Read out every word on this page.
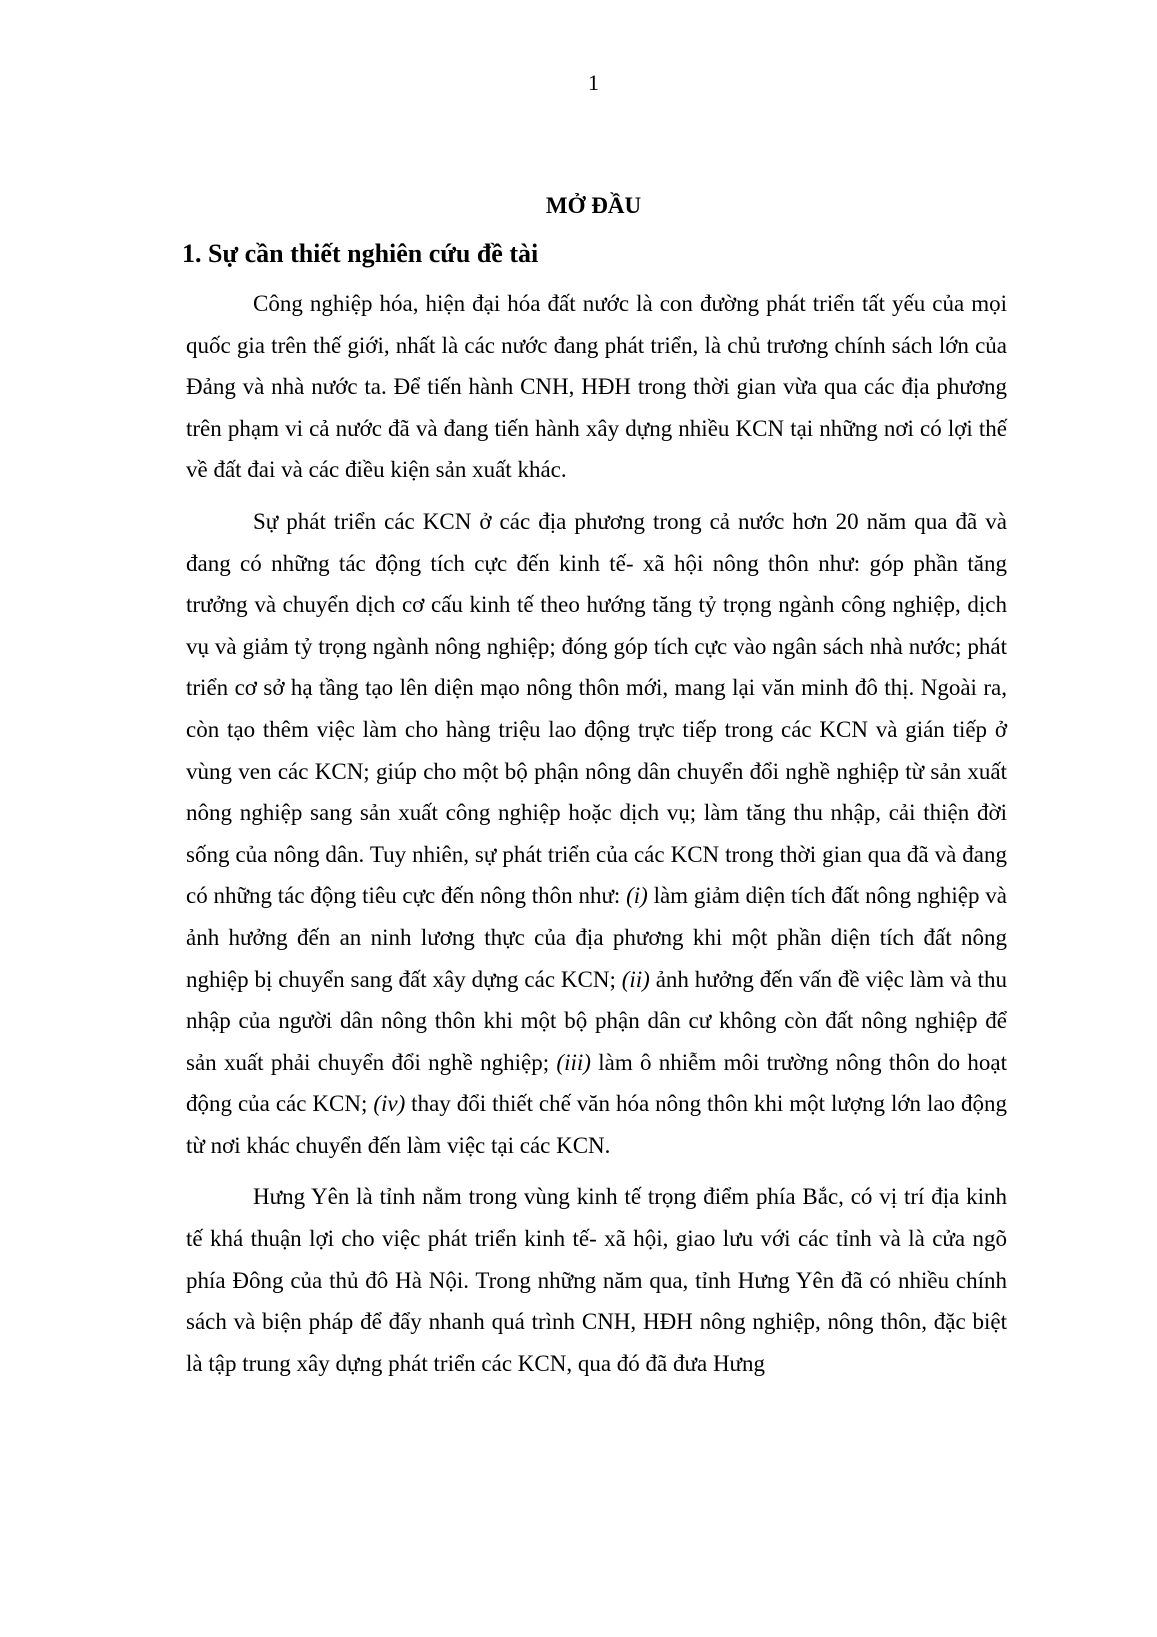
1
MỞ ĐẦU
1. Sự cần thiết nghiên cứu đề tài

Công nghiệp hóa, hiện đại hóa đất nước là con đường phát triển tất yếu của mọi quốc gia trên thế giới, nhất là các nước đang phát triển, là chủ trương chính sách lớn của Đảng và nhà nước ta. Để tiến hành CNH, HĐH trong thời gian vừa qua các địa phương trên phạm vi cả nước đã và đang tiến hành xây dựng nhiều KCN tại những nơi có lợi thế về đất đai và các điều kiện sản xuất khác.

Sự phát triển các KCN ở các địa phương trong cả nước hơn 20 năm qua đã và đang có những tác động tích cực đến kinh tế- xã hội nông thôn như: góp phần tăng trưởng và chuyển dịch cơ cấu kinh tế theo hướng tăng tỷ trọng ngành công nghiệp, dịch vụ và giảm tỷ trọng ngành nông nghiệp; đóng góp tích cực vào ngân sách nhà nước; phát triển cơ sở hạ tầng tạo lên diện mạo nông thôn mới, mang lại văn minh đô thị. Ngoài ra, còn tạo thêm việc làm cho hàng triệu lao động trực tiếp trong các KCN và gián tiếp ở vùng ven các KCN; giúp cho một bộ phận nông dân chuyển đổi nghề nghiệp từ sản xuất nông nghiệp sang sản xuất công nghiệp hoặc dịch vụ; làm tăng thu nhập, cải thiện đời sống của nông dân. Tuy nhiên, sự phát triển của các KCN trong thời gian qua đã và đang có những tác động tiêu cực đến nông thôn như: (i) làm giảm diện tích đất nông nghiệp và ảnh hưởng đến an ninh lương thực của địa phương khi một phần diện tích đất nông nghiệp bị chuyển sang đất xây dựng các KCN; (ii) ảnh hưởng đến vấn đề việc làm và thu nhập của người dân nông thôn khi một bộ phận dân cư không còn đất nông nghiệp để sản xuất phải chuyển đổi nghề nghiệp; (iii) làm ô nhiễm môi trường nông thôn do hoạt động của các KCN; (iv) thay đổi thiết chế văn hóa nông thôn khi một lượng lớn lao động từ nơi khác chuyển đến làm việc tại các KCN.

Hưng Yên là tỉnh nằm trong vùng kinh tế trọng điểm phía Bắc, có vị trí địa kinh tế khá thuận lợi cho việc phát triển kinh tế- xã hội, giao lưu với các tỉnh và là cửa ngõ phía Đông của thủ đô Hà Nội. Trong những năm qua, tỉnh Hưng Yên đã có nhiều chính sách và biện pháp để đẩy nhanh quá trình CNH, HĐH nông nghiệp, nông thôn, đặc biệt là tập trung xây dựng phát triển các KCN, qua đó đã đưa Hưng
